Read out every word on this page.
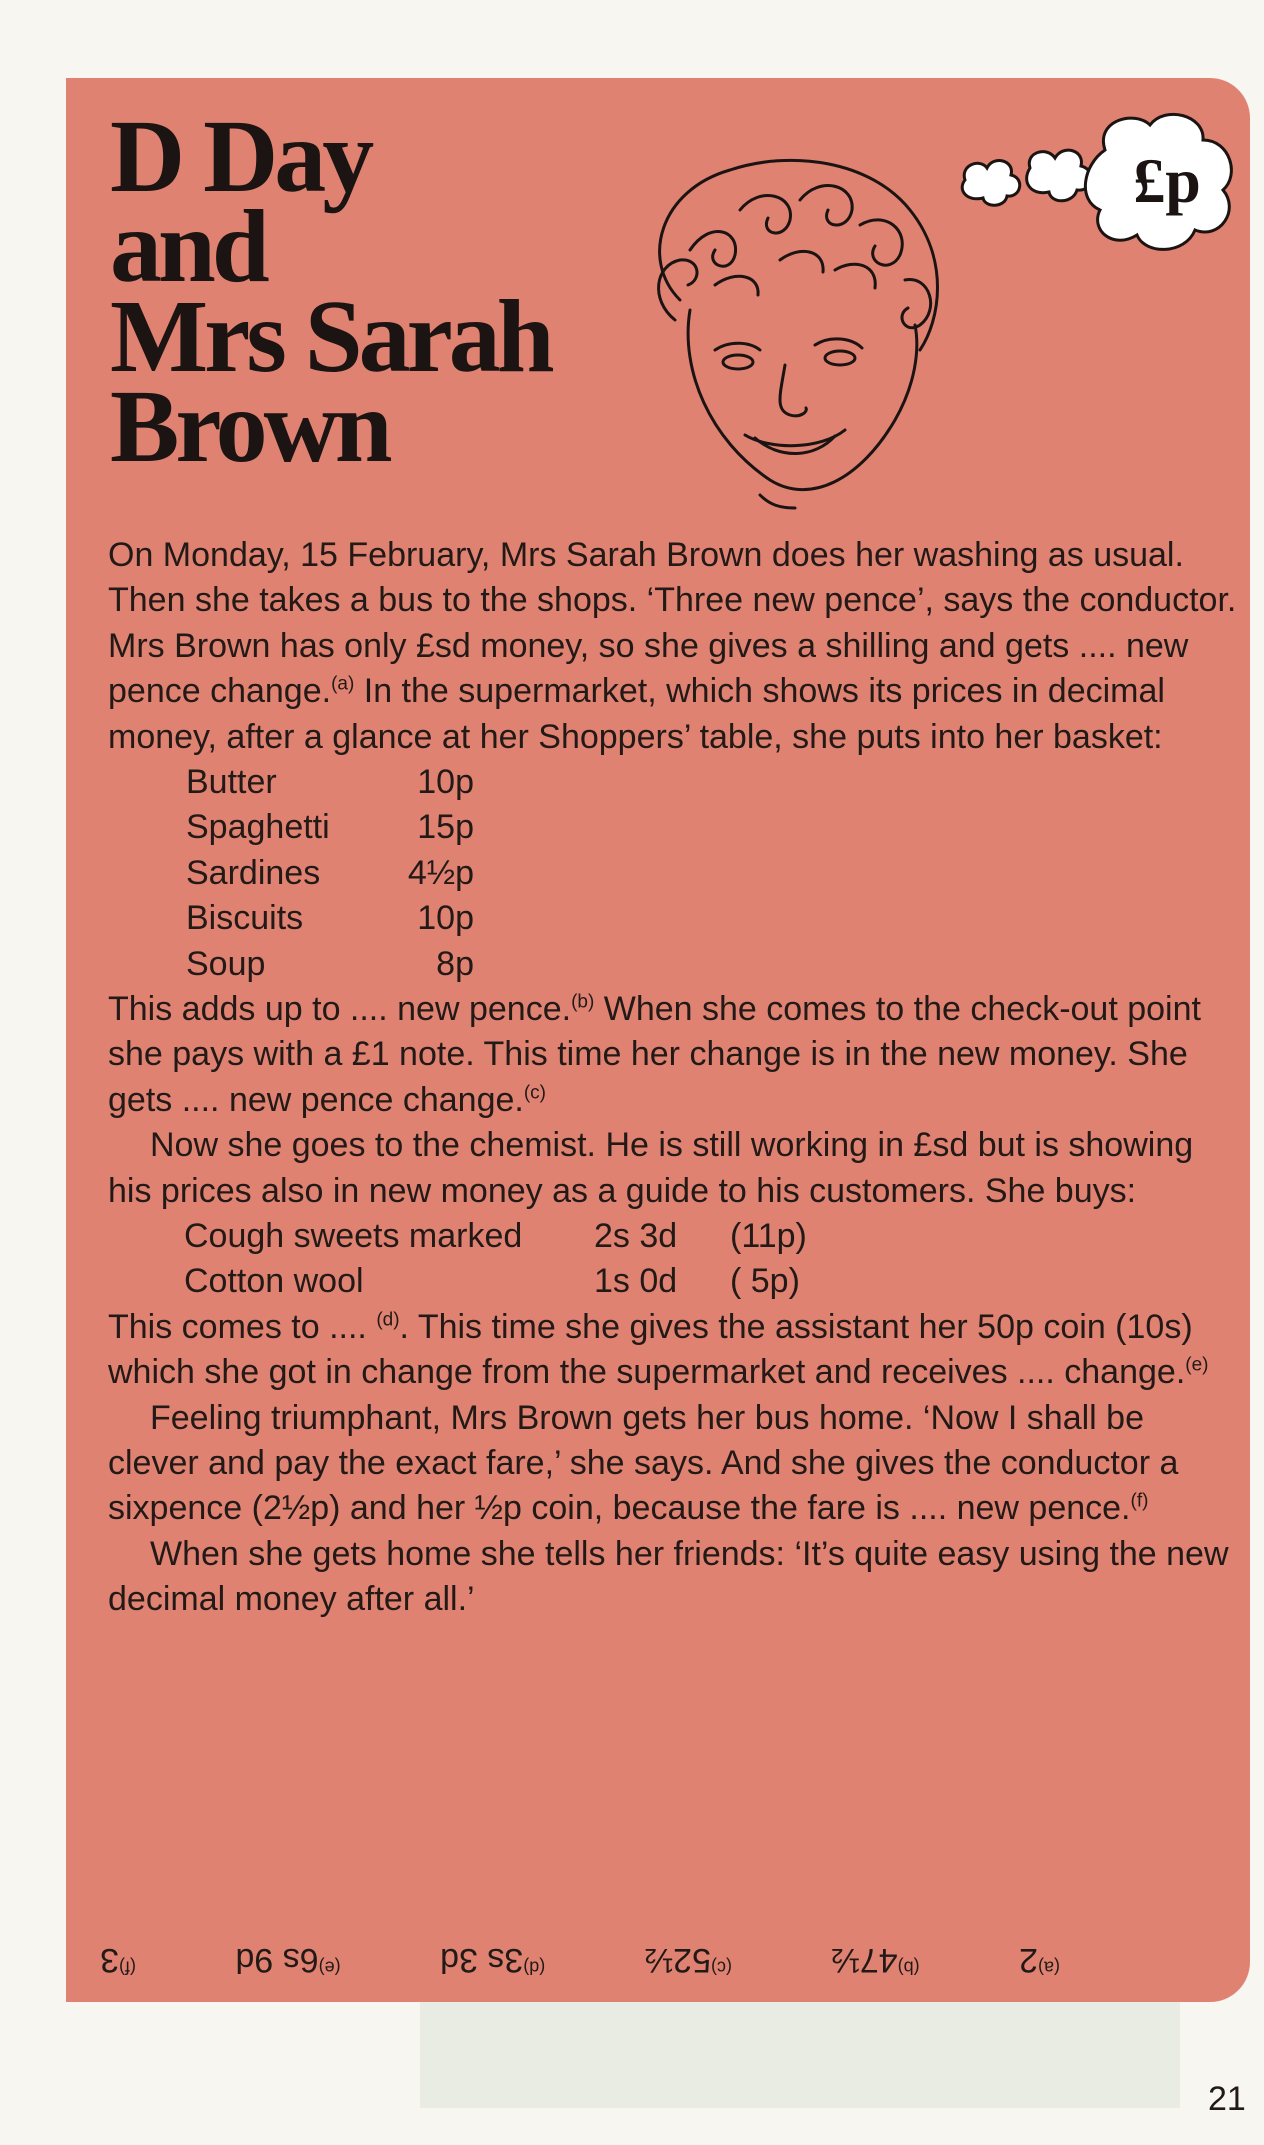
D Day
and
Mrs Sarah
Brown
£p

On Monday, 15 February, Mrs Sarah Brown does her washing as usual. Then she takes a bus to the shops. ‘Three new pence’, says the conductor. Mrs Brown has only £sd money, so she gives a shilling and gets .... new pence change.$^{(a)}$ In the supermarket, which shows its prices in decimal money, after a glance at her Shoppers’ table, she puts into her basket:

Butter	10p
Spaghetti	15p
Sardines	4½p
Biscuits	10p
Soup	8p

This adds up to .... new pence.$^{(b)}$ When she comes to the check-out point she pays with a £1 note. This time her change is in the new money. She gets .... new pence change.$^{(c)}$

Now she goes to the chemist. He is still working in £sd but is showing his prices also in new money as a guide to his customers. She buys:

Cough sweets marked 2s 3d (11p)
Cotton wool	1s 0d ( 5p)

This comes to .... $^{(d)}$. This time she gives the assistant her 50p coin (10s) which she got in change from the supermarket and receives .... change.$^{(e)}$

Feeling triumphant, Mrs Brown gets her bus home. ‘Now I shall be clever and pay the exact fare,’ she says. And she gives the conductor a sixpence (2½p) and her ½p coin, because the fare is .... new pence.$^{(f)}$

When she gets home she tells her friends: ‘It’s quite easy using the new decimal money after all.’

$^{(a)}$2
$^{(b)}$47½
$^{(c)}$52½
$^{(d)}$3s 3d
$^{(e)}$6s 9d
$^{(f)}$3
21
